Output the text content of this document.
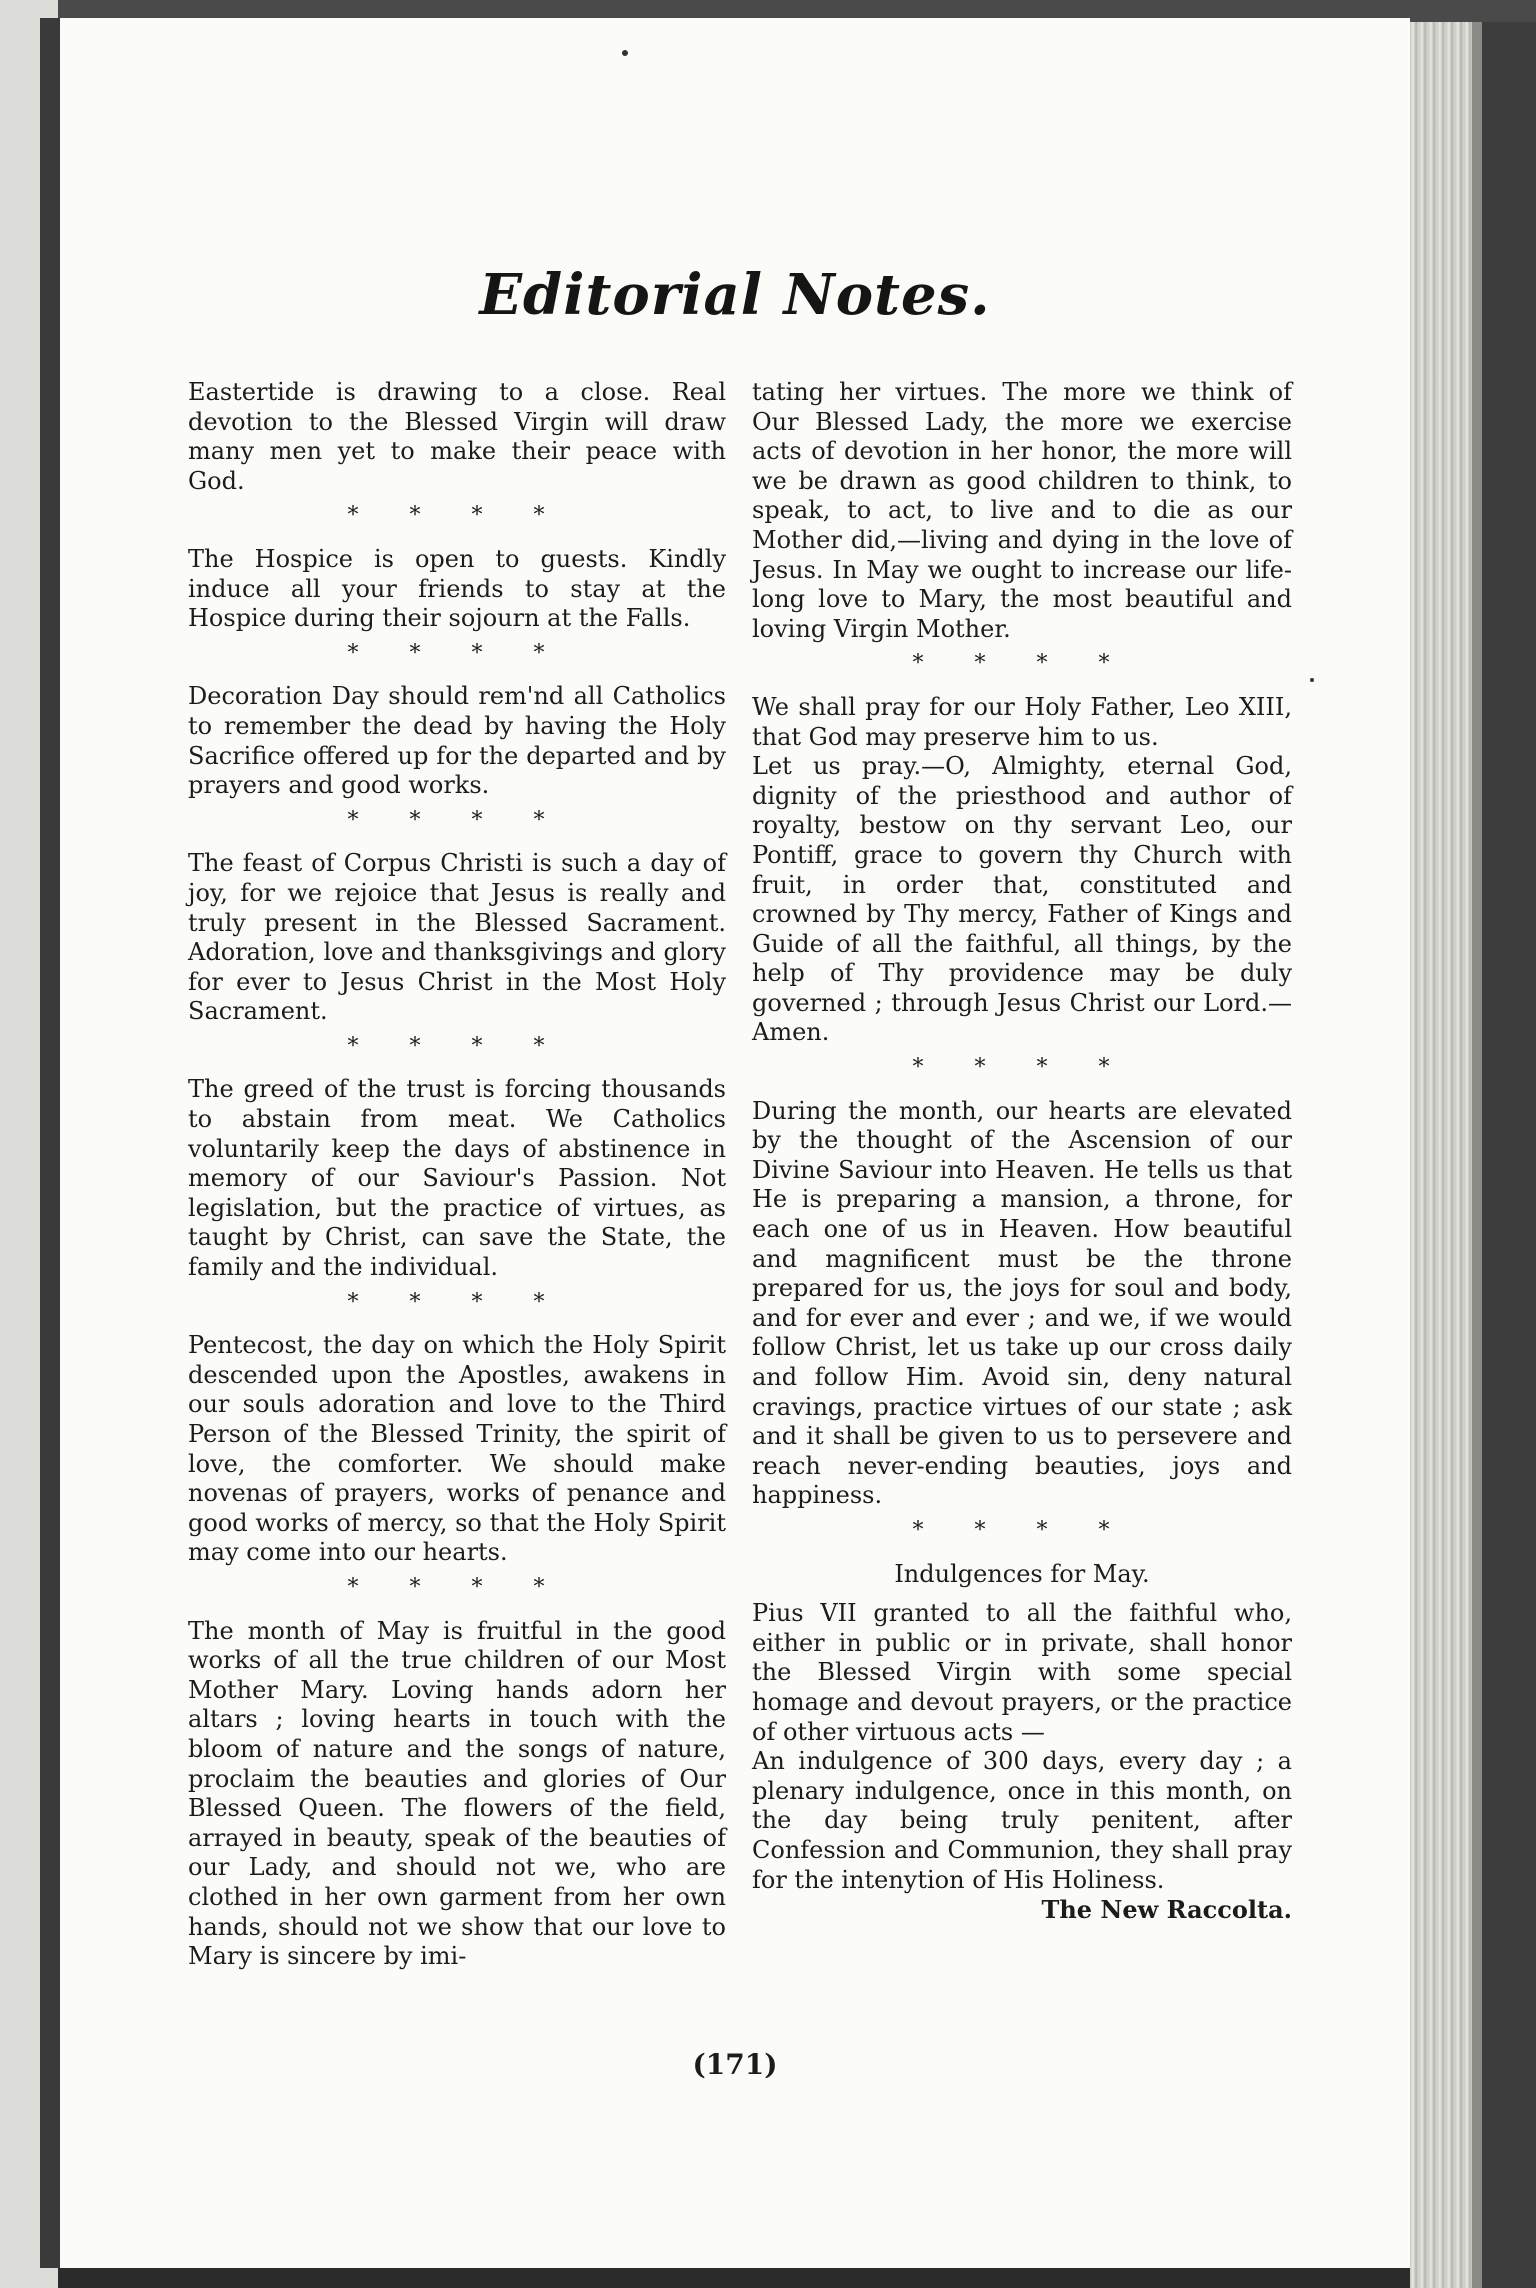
Editorial Notes.

Eastertide is drawing to a close. Real devotion to the Blessed Virgin will draw many men yet to make their peace with God.

* * * *

The Hospice is open to guests. Kindly induce all your friends to stay at the Hospice during their sojourn at the Falls.

* * * *

Decoration Day should rem'nd all Catholics to remember the dead by having the Holy Sacrifice offered up for the departed and by prayers and good works.

* * * *

The feast of Corpus Christi is such a day of joy, for we rejoice that Jesus is really and truly present in the Blessed Sacrament. Adoration, love and thanksgivings and glory for ever to Jesus Christ in the Most Holy Sacrament.

* * * *

The greed of the trust is forcing thousands to abstain from meat. We Catholics voluntarily keep the days of abstinence in memory of our Saviour's Passion. Not legislation, but the practice of virtues, as taught by Christ, can save the State, the family and the individual.

* * * *

Pentecost, the day on which the Holy Spirit descended upon the Apostles, awakens in our souls adoration and love to the Third Person of the Blessed Trinity, the spirit of love, the comforter. We should make novenas of prayers, works of penance and good works of mercy, so that the Holy Spirit may come into our hearts.

* * * *

The month of May is fruitful in the good works of all the true children of our Most Mother Mary. Loving hands adorn her altars ; loving hearts in touch with the bloom of nature and the songs of nature, proclaim the beauties and glories of Our Blessed Queen. The flowers of the field, arrayed in beauty, speak of the beauties of our Lady, and should not we, who are clothed in her own garment from her own hands, should not we show that our love to Mary is sincere by imi-

tating her virtues. The more we think of Our Blessed Lady, the more we exercise acts of devotion in her honor, the more will we be drawn as good children to think, to speak, to act, to live and to die as our Mother did,—living and dying in the love of Jesus. In May we ought to increase our life-long love to Mary, the most beautiful and loving Virgin Mother.

* * * *

We shall pray for our Holy Father, Leo XIII, that God may preserve him to us.

Let us pray.—O, Almighty, eternal God, dignity of the priesthood and author of royalty, bestow on thy servant Leo, our Pontiff, grace to govern thy Church with fruit, in order that, constituted and crowned by Thy mercy, Father of Kings and Guide of all the faithful, all things, by the help of Thy providence may be duly governed ; through Jesus Christ our Lord.—Amen.

* * * *

During the month, our hearts are elevated by the thought of the Ascension of our Divine Saviour into Heaven. He tells us that He is preparing a mansion, a throne, for each one of us in Heaven. How beautiful and magnificent must be the throne prepared for us, the joys for soul and body, and for ever and ever ; and we, if we would follow Christ, let us take up our cross daily and follow Him. Avoid sin, deny natural cravings, practice virtues of our state ; ask and it shall be given to us to persevere and reach never-ending beauties, joys and happiness.

* * * *
Indulgences for May.

Pius VII granted to all the faithful who, either in public or in private, shall honor the Blessed Virgin with some special homage and devout prayers, or the practice of other virtuous acts —

An indulgence of 300 days, every day ; a plenary indulgence, once in this month, on the day being truly penitent, after Confession and Communion, they shall pray for the intenytion of His Holiness.

The New Raccolta.

(171)
